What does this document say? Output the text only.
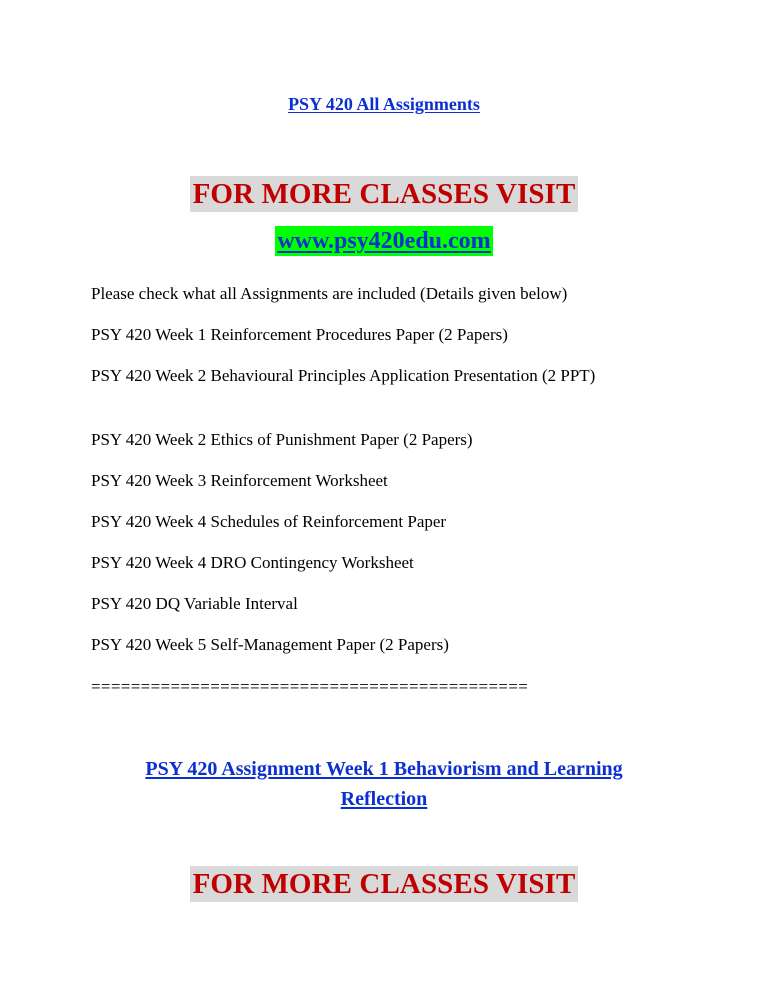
PSY 420 All Assignments
FOR MORE CLASSES VISIT
www.psy420edu.com
Please check what all Assignments are included (Details given below)
PSY 420 Week 1 Reinforcement Procedures Paper (2 Papers)
PSY 420 Week 2 Behavioural Principles Application Presentation (2 PPT)
PSY 420 Week 2 Ethics of Punishment Paper (2 Papers)
PSY 420 Week 3 Reinforcement Worksheet
PSY 420 Week 4 Schedules of Reinforcement Paper
PSY 420 Week 4 DRO Contingency Worksheet
PSY 420 DQ Variable Interval
PSY 420 Week 5 Self-Management Paper (2 Papers)
============================================
PSY 420 Assignment Week 1 Behaviorism and Learning
Reflection
FOR MORE CLASSES VISIT
